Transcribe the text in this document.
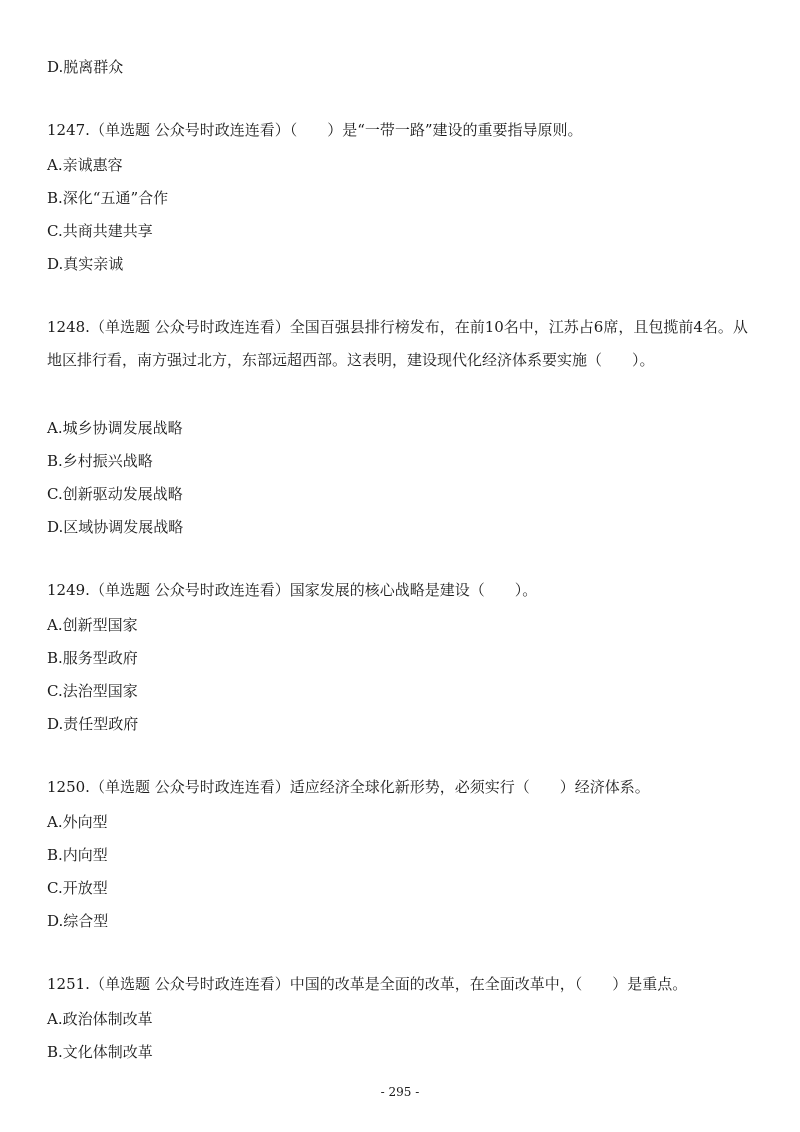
D.脱离群众
1247.（单选题 公众号时政连连看）（　　）是“一带一路”建设的重要指导原则。
A.亲诚惠容
B.深化“五通”合作
C.共商共建共享
D.真实亲诚
1248.（单选题 公众号时政连连看）全国百强县排行榜发布，在前10名中，江苏占6席，且包揽前4名。从地区排行看，南方强过北方，东部远超西部。这表明，建设现代化经济体系要实施（　　）。
A.城乡协调发展战略
B.乡村振兴战略
C.创新驱动发展战略
D.区域协调发展战略
1249.（单选题 公众号时政连连看）国家发展的核心战略是建设（　　）。
A.创新型国家
B.服务型政府
C.法治型国家
D.责任型政府
1250.（单选题 公众号时政连连看）适应经济全球化新形势，必须实行（　　）经济体系。
A.外向型
B.内向型
C.开放型
D.综合型
1251.（单选题 公众号时政连连看）中国的改革是全面的改革，在全面改革中，（　　）是重点。
A.政治体制改革
B.文化体制改革
- 295 -
